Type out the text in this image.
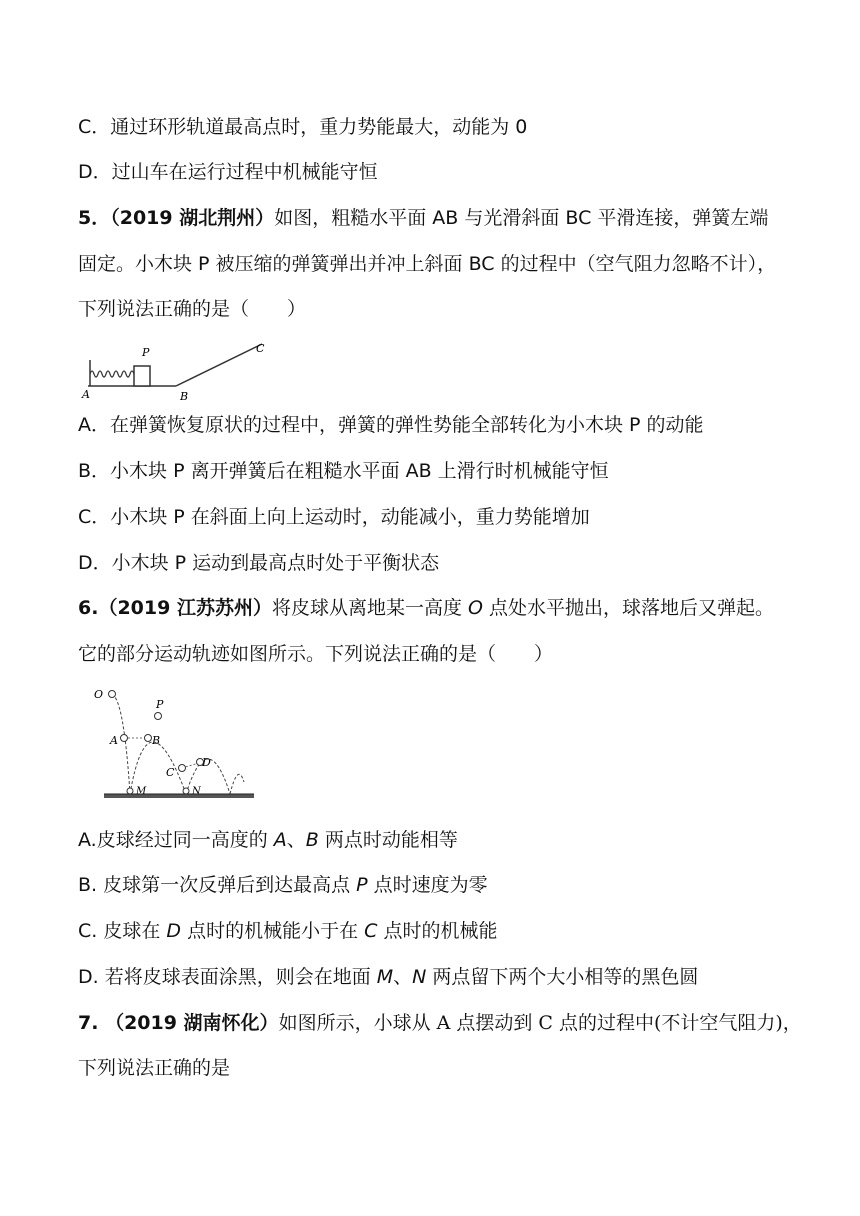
C．通过环形轨道最高点时，重力势能最大，动能为 0
D．过山车在运行过程中机械能守恒
5．（2019 湖北荆州）如图，粗糙水平面 AB 与光滑斜面 BC 平滑连接，弹簧左端
固定。小木块 P 被压缩的弹簧弹出并冲上斜面 BC 的过程中（空气阻力忽略不计），
下列说法正确的是（　　）
P
A	B
C
A．在弹簧恢复原状的过程中，弹簧的弹性势能全部转化为小木块 P 的动能
B．小木块 P 离开弹簧后在粗糙水平面 AB 上滑行时机械能守恒
C．小木块 P 在斜面上向上运动时，动能减小，重力势能增加
D．小木块 P 运动到最高点时处于平衡状态
6.（2019 江苏苏州）将皮球从离地某一高度 O 点处水平抛出，球落地后又弹起。
它的部分运动轨迹如图所示。下列说法正确的是（　　）
O
A	B
P
C
D
M	N
A.皮球经过同一高度的 A、B 两点时动能相等
B. 皮球第一次反弹后到达最高点 P 点时速度为零
C. 皮球在 D 点时的机械能小于在 C 点时的机械能
D. 若将皮球表面涂黑，则会在地面 M、N 两点留下两个大小相等的黑色圆
7. （2019 湖南怀化）如图所示，小球从 A 点摆动到 C 点的过程中(不计空气阻力)，
下列说法正确的是
